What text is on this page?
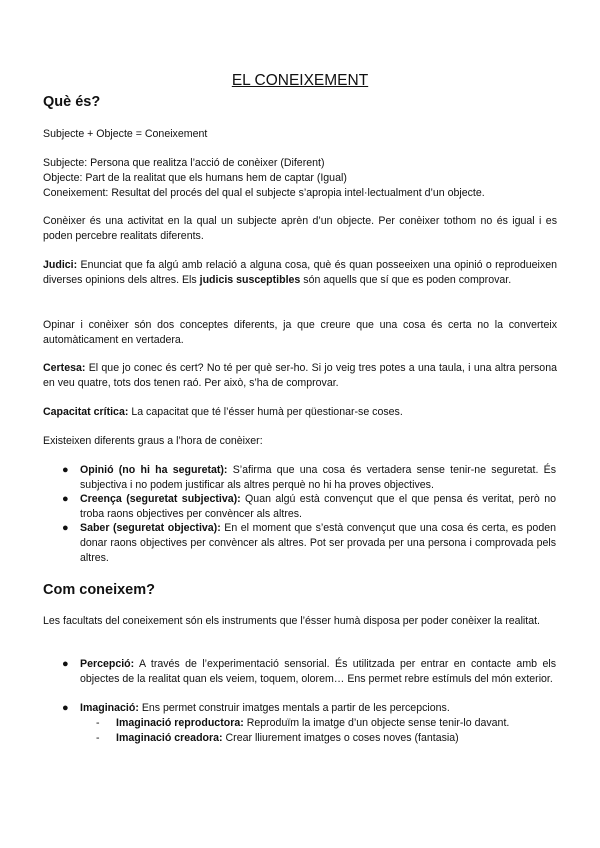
EL CONEIXEMENT
Què és?
Subjecte + Objecte = Coneixement
Subjecte: Persona que realitza l’acció de conèixer (Diferent)
Objecte: Part de la realitat que els humans hem de captar (Igual)
Coneixement: Resultat del procés del qual el subjecte s’apropia intel·lectualment d’un objecte.
Conèixer és una activitat en la qual un subjecte aprèn d’un objecte. Per conèixer tothom no és igual i es poden percebre realitats diferents.
Judici: Enunciat que fa algú amb relació a alguna cosa, què és quan posseeixen una opinió o reprodueixen diverses opinions dels altres. Els judicis susceptibles són aquells que sí que es poden comprovar.
Opinar i conèixer són dos conceptes diferents, ja que creure que una cosa és certa no la converteix automàticament en vertadera.
Certesa: El que jo conec és cert? No té per què ser-ho. Si jo veig tres potes a una taula, i una altra persona en veu quatre, tots dos tenen raó. Per això, s’ha de comprovar.
Capacitat crítica: La capacitat que té l’ésser humà per qüestionar-se coses.
Existeixen diferents graus a l’hora de conèixer:
● Opinió (no hi ha seguretat): S’afirma que una cosa és vertadera sense tenir-ne seguretat. És subjectiva i no podem justificar als altres perquè no hi ha proves objectives.
● Creença (seguretat subjectiva): Quan algú està convençut que el que pensa és veritat, però no troba raons objectives per convèncer als altres.
● Saber (seguretat objectiva): En el moment que s’està convençut que una cosa és certa, es poden donar raons objectives per convèncer als altres. Pot ser provada per una persona i comprovada pels altres.
Com coneixem?
Les facultats del coneixement són els instruments que l’ésser humà disposa per poder conèixer la realitat.
● Percepció: A través de l’experimentació sensorial. És utilitzada per entrar en contacte amb els objectes de la realitat quan els veiem, toquem, olorem… Ens permet rebre estímuls del món exterior.
● Imaginació: Ens permet construir imatges mentals a partir de les percepcions.
- Imaginació reproductora: Reproduïm la imatge d’un objecte sense tenir-lo davant.
- Imaginació creadora: Crear lliurement imatges o coses noves (fantasia)
